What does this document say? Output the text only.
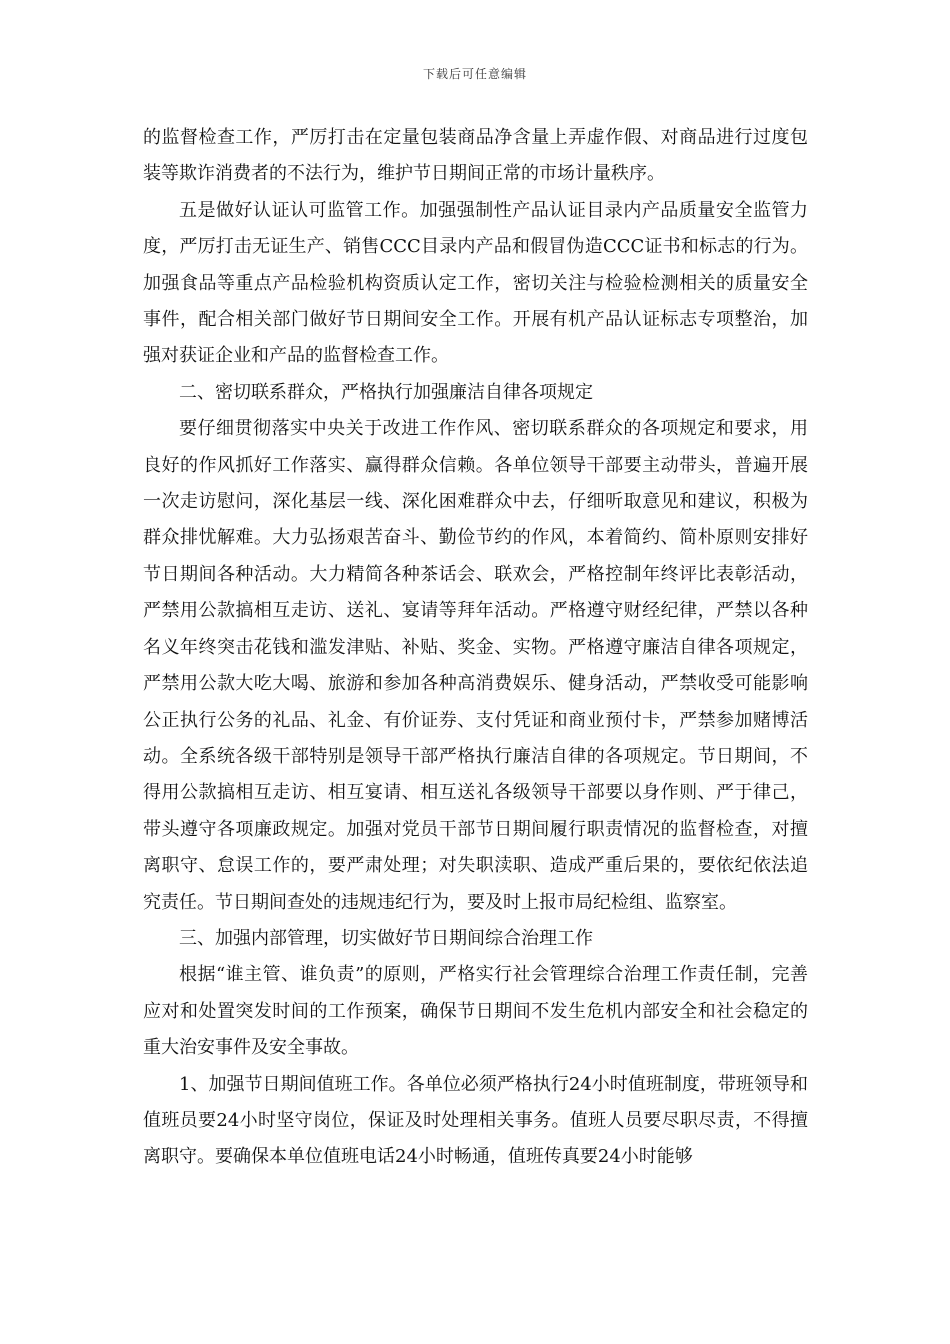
下载后可任意编辑

的监督检查工作，严厉打击在定量包装商品净含量上弄虚作假、对商品进行过度包装等欺诈消费者的不法行为，维护节日期间正常的市场计量秩序。

五是做好认证认可监管工作。加强强制性产品认证目录内产品质量安全监管力度，严厉打击无证生产、销售CCC目录内产品和假冒伪造CCC证书和标志的行为。加强食品等重点产品检验机构资质认定工作，密切关注与检验检测相关的质量安全事件，配合相关部门做好节日期间安全工作。开展有机产品认证标志专项整治，加强对获证企业和产品的监督检查工作。

二、密切联系群众，严格执行加强廉洁自律各项规定

要仔细贯彻落实中央关于改进工作作风、密切联系群众的各项规定和要求，用良好的作风抓好工作落实、赢得群众信赖。各单位领导干部要主动带头，普遍开展一次走访慰问，深化基层一线、深化困难群众中去，仔细听取意见和建议，积极为群众排忧解难。大力弘扬艰苦奋斗、勤俭节约的作风，本着简约、简朴原则安排好节日期间各种活动。大力精简各种茶话会、联欢会，严格控制年终评比表彰活动，严禁用公款搞相互走访、送礼、宴请等拜年活动。严格遵守财经纪律，严禁以各种名义年终突击花钱和滥发津贴、补贴、奖金、实物。严格遵守廉洁自律各项规定，严禁用公款大吃大喝、旅游和参加各种高消费娱乐、健身活动，严禁收受可能影响公正执行公务的礼品、礼金、有价证券、支付凭证和商业预付卡，严禁参加赌博活动。全系统各级干部特别是领导干部严格执行廉洁自律的各项规定。节日期间，不得用公款搞相互走访、相互宴请、相互送礼各级领导干部要以身作则、严于律己，带头遵守各项廉政规定。加强对党员干部节日期间履行职责情况的监督检查，对擅离职守、怠误工作的，要严肃处理；对失职渎职、造成严重后果的，要依纪依法追究责任。节日期间查处的违规违纪行为，要及时上报市局纪检组、监察室。

三、加强内部管理，切实做好节日期间综合治理工作

根据“谁主管、谁负责”的原则，严格实行社会管理综合治理工作责任制，完善应对和处置突发时间的工作预案，确保节日期间不发生危机内部安全和社会稳定的重大治安事件及安全事故。

1、加强节日期间值班工作。各单位必须严格执行24小时值班制度，带班领导和值班员要24小时坚守岗位，保证及时处理相关事务。值班人员要尽职尽责，不得擅离职守。要确保本单位值班电话24小时畅通，值班传真要24小时能够
